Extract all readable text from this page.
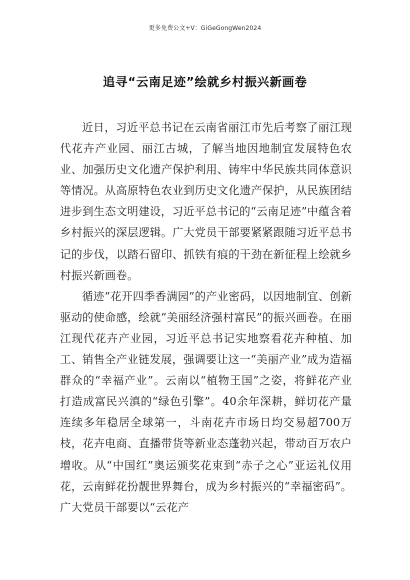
更多免费公文+V：GiGeGongWen2024
追寻“云南足迹”绘就乡村振兴新画卷

近日，习近平总书记在云南省丽江市先后考察了丽江现代花卉产业园、丽江古城，了解当地因地制宜发展特色农业、加强历史文化遗产保护利用、铸牢中华民族共同体意识等情况。从高原特色农业到历史文化遗产保护，从民族团结进步到生态文明建设，习近平总书记的“云南足迹”中蕴含着乡村振兴的深层逻辑。广大党员干部要紧紧跟随习近平总书记的步伐，以踏石留印、抓铁有痕的干劲在新征程上绘就乡村振兴新画卷。

循迹“花开四季香满园”的产业密码，以因地制宜、创新驱动的使命感，绘就“美丽经济强村富民”的振兴画卷。在丽江现代花卉产业园，习近平总书记实地察看花卉种植、加工、销售全产业链发展，强调要让这一“美丽产业”成为造福群众的“幸福产业”。云南以“植物王国”之姿，将鲜花产业打造成富民兴滇的“绿色引擎”。40余年深耕，鲜切花产量连续多年稳居全球第一，斗南花卉市场日均交易超700万枝，花卉电商、直播带货等新业态蓬勃兴起，带动百万农户增收。从“中国红”奥运颁奖花束到“赤子之心”亚运礼仪用花，云南鲜花扮靓世界舞台，成为乡村振兴的“幸福密码”。广大党员干部要以“云花产
